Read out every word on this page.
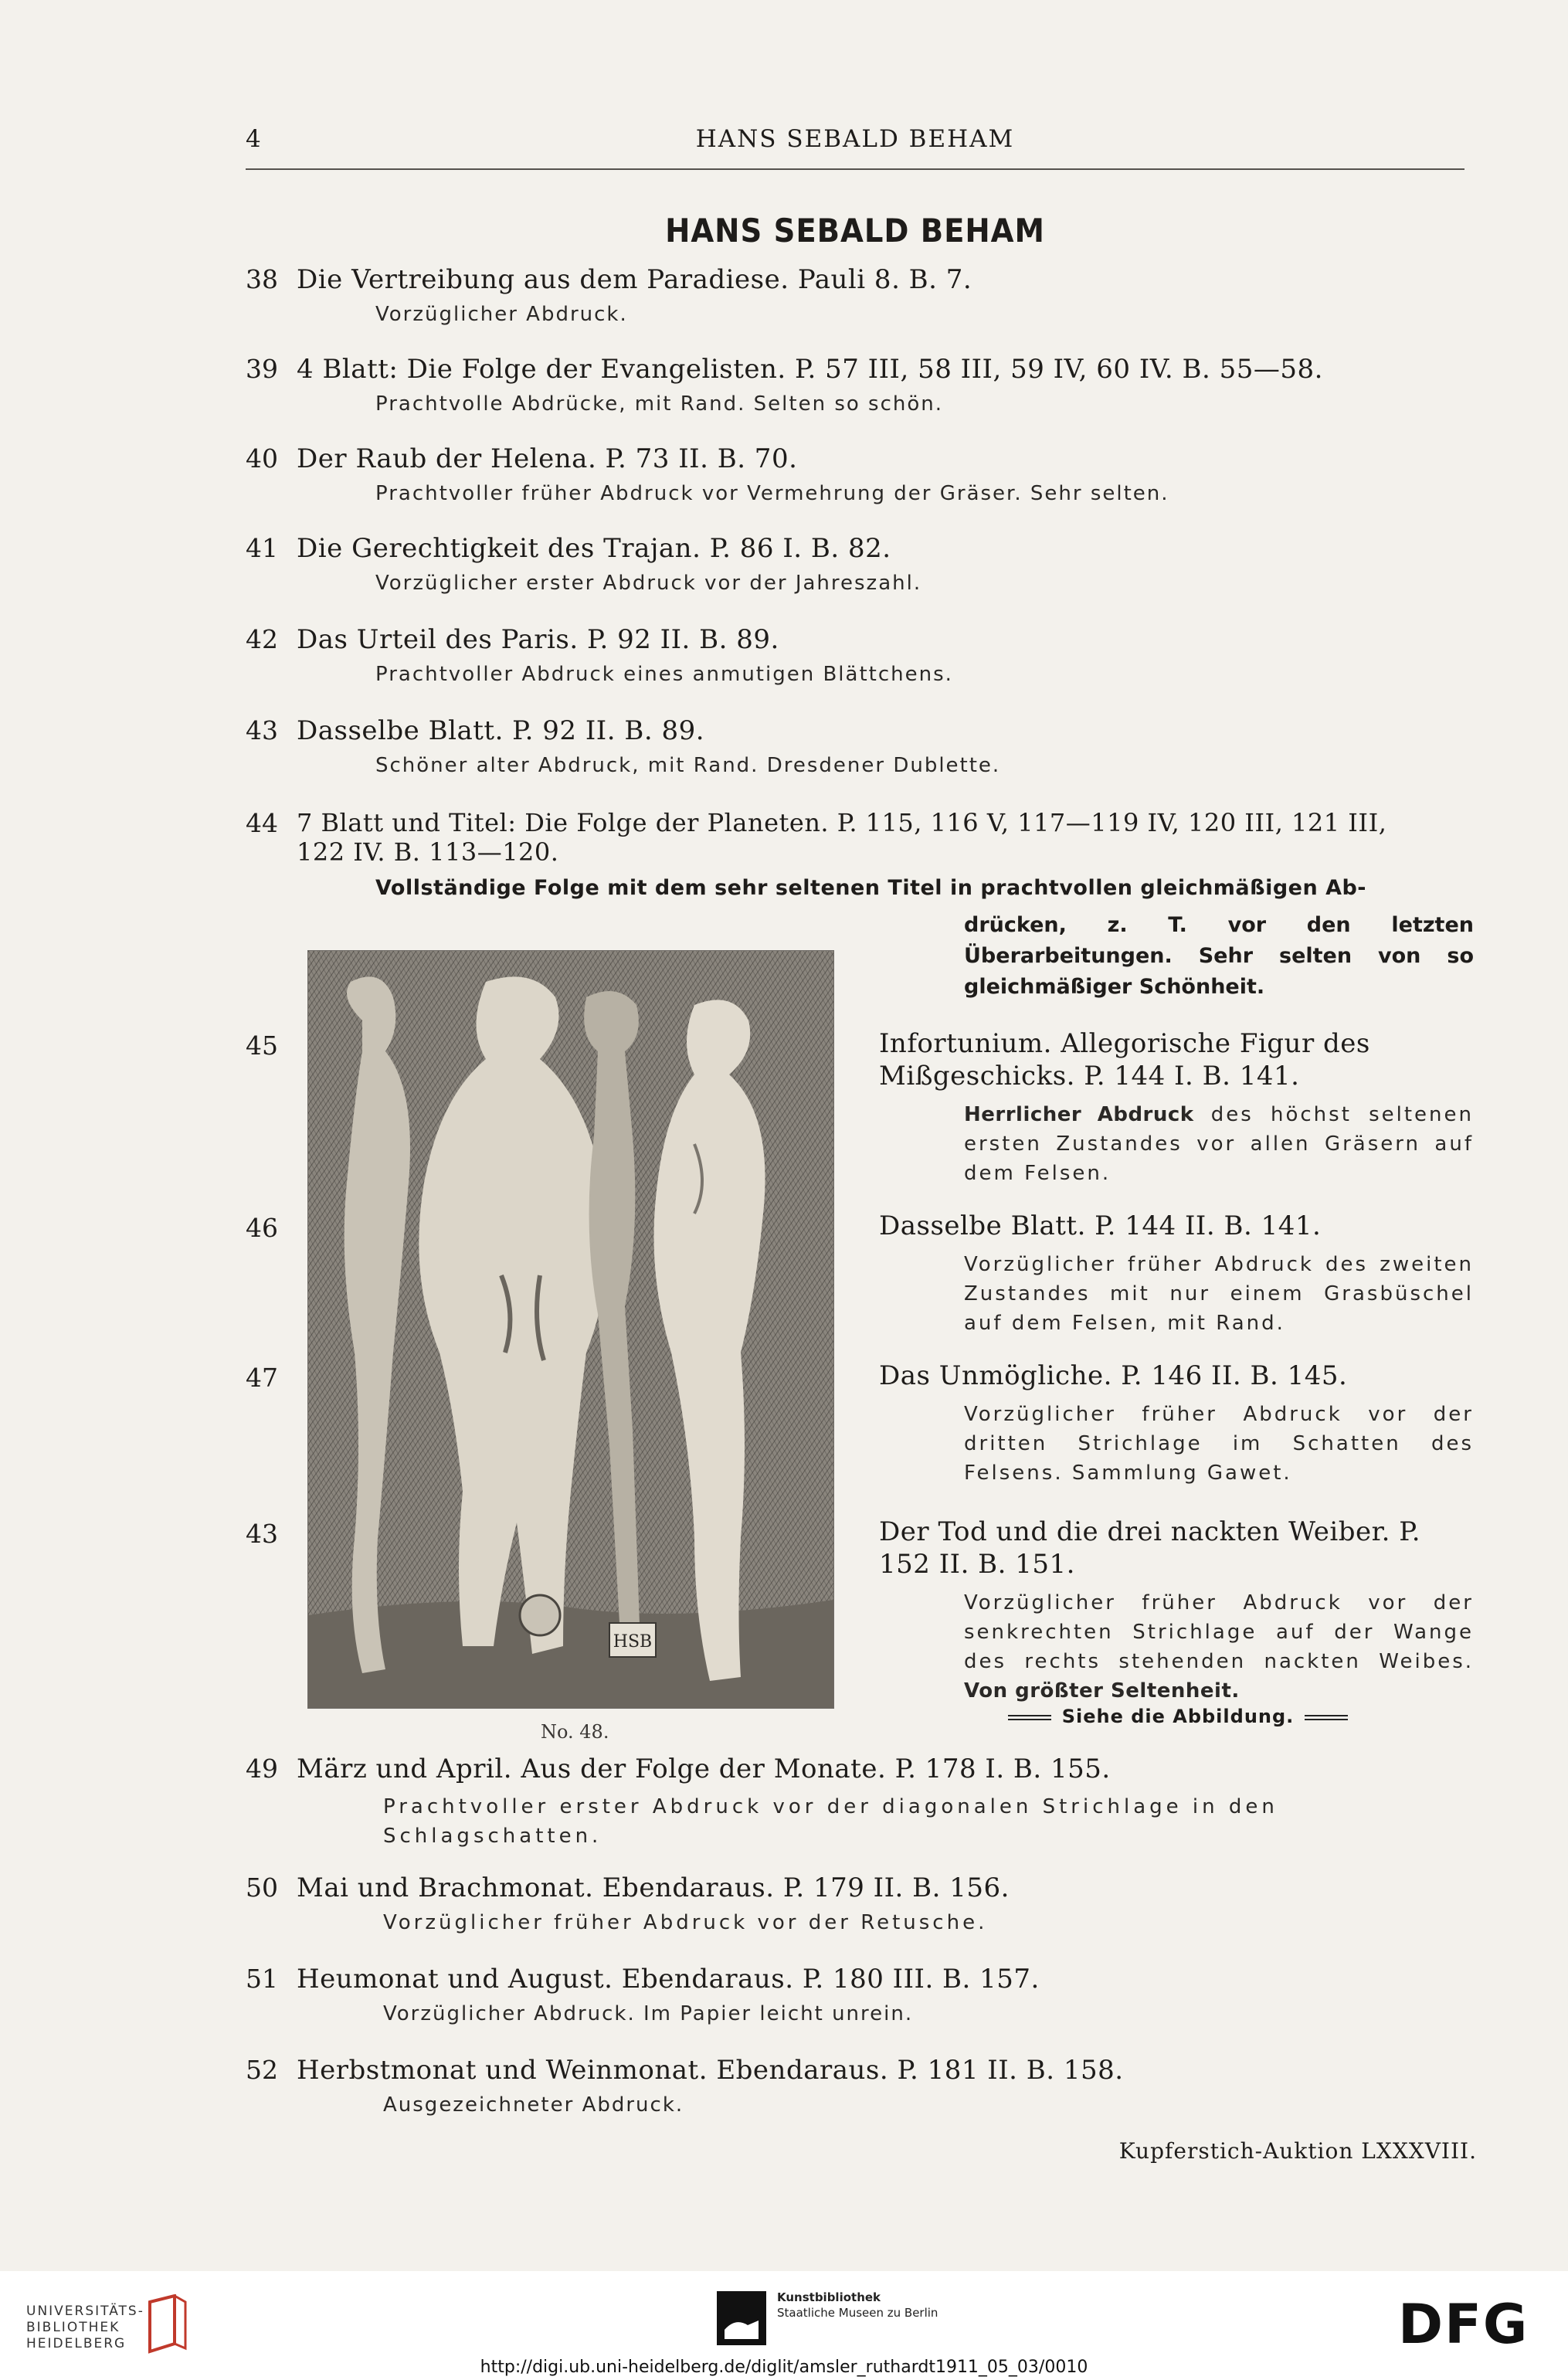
4	HANS SEBALD BEHAM
HANS SEBALD BEHAM
38 Die Vertreibung aus dem Paradiese. Pauli 8. B. 7.
Vorzüglicher Abdruck.
39 4 Blatt: Die Folge der Evangelisten. P. 57 III, 58 III, 59 IV, 60 IV. B. 55—58.
Prachtvolle Abdrücke, mit Rand. Selten so schön.
40 Der Raub der Helena. P. 73 II. B. 70.
Prachtvoller früher Abdruck vor Vermehrung der Gräser. Sehr selten.
41 Die Gerechtigkeit des Trajan. P. 86 I. B. 82.
Vorzüglicher erster Abdruck vor der Jahreszahl.
42 Das Urteil des Paris. P. 92 II. B. 89.
Prachtvoller Abdruck eines anmutigen Blättchens.
43 Dasselbe Blatt. P. 92 II. B. 89.
Schöner alter Abdruck, mit Rand. Dresdener Dublette.
44 7 Blatt und Titel: Die Folge der Planeten. P. 115, 116 V, 117—119 IV, 120 III, 121 III,
122 IV. B. 113—120.
Vollständige Folge mit dem sehr seltenen Titel in prachtvollen gleichmäßigen Ab-
drücken, z. T. vor den letzten Überarbeitungen. Sehr selten von so gleichmäßiger Schönheit.
HSB
No. 48.
45
46
47
43
Infortunium. Allegorische Figur des Mißgeschicks. P. 144 I. B. 141.
Herrlicher Abdruck des höchst seltenen ersten Zustandes vor allen Gräsern auf dem Felsen.
Dasselbe Blatt. P. 144 II. B. 141.
Vorzüglicher früher Abdruck des zweiten Zustandes mit nur einem Grasbüschel auf dem Felsen, mit Rand.
Das Unmögliche. P. 146 II. B. 145.
Vorzüglicher früher Abdruck vor der dritten Strichlage im Schatten des Felsens. Sammlung Gawet.
Der Tod und die drei nackten Weiber. P. 152 II. B. 151.
Vorzüglicher früher Abdruck vor der senkrechten Strichlage auf der Wange des rechts stehenden nackten Weibes. Von größter Seltenheit.
Siehe die Abbildung.
49 März und April. Aus der Folge der Monate. P. 178 I. B. 155.
Prachtvoller erster Abdruck vor der diagonalen Strichlage in den Schlagschatten.
50 Mai und Brachmonat. Ebendaraus. P. 179 II. B. 156.
Vorzüglicher früher Abdruck vor der Retusche.
51 Heumonat und August. Ebendaraus. P. 180 III. B. 157.
Vorzüglicher Abdruck. Im Papier leicht unrein.
52 Herbstmonat und Weinmonat. Ebendaraus. P. 181 II. B. 158.
Ausgezeichneter Abdruck.
Kupferstich-Auktion LXXXVIII.
UNIVERSITÄTS-
BIBLIOTHEK
HEIDELBERG
Kunstbibliothek
Staatliche Museen zu Berlin	DFG
http://digi.ub.uni-heidelberg.de/diglit/amsler_ruthardt1911_05_03/0010
